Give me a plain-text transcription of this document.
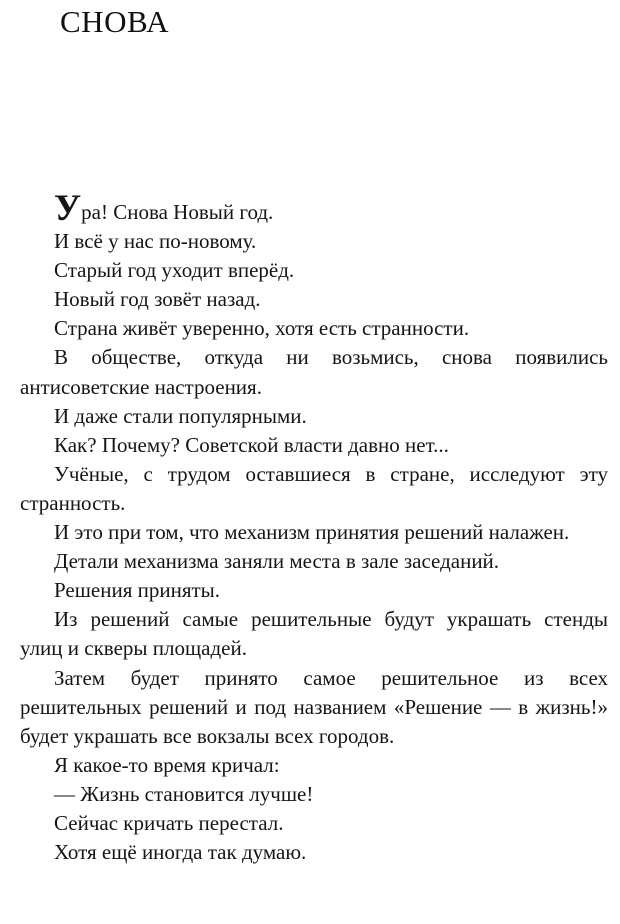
СНОВА

Ура! Снова Новый год.

И всё у нас по-новому.

Старый год уходит вперёд.

Новый год зовёт назад.

Страна живёт уверенно, хотя есть странности.

В обществе, откуда ни возьмись, снова появились антисоветские настроения.

И даже стали популярными.

Как? Почему? Советской власти давно нет...

Учёные, с трудом оставшиеся в стране, исследуют эту странность.

И это при том, что механизм принятия решений налажен.

Детали механизма заняли места в зале заседаний.

Решения приняты.

Из решений самые решительные будут украшать стенды улиц и скверы площадей.

Затем будет принято самое решительное из всех решительных решений и под названием «Решение — в жизнь!» будет украшать все вокзалы всех городов.

Я какое-то время кричал:

— Жизнь становится лучше!

Сейчас кричать перестал.

Хотя ещё иногда так думаю.
